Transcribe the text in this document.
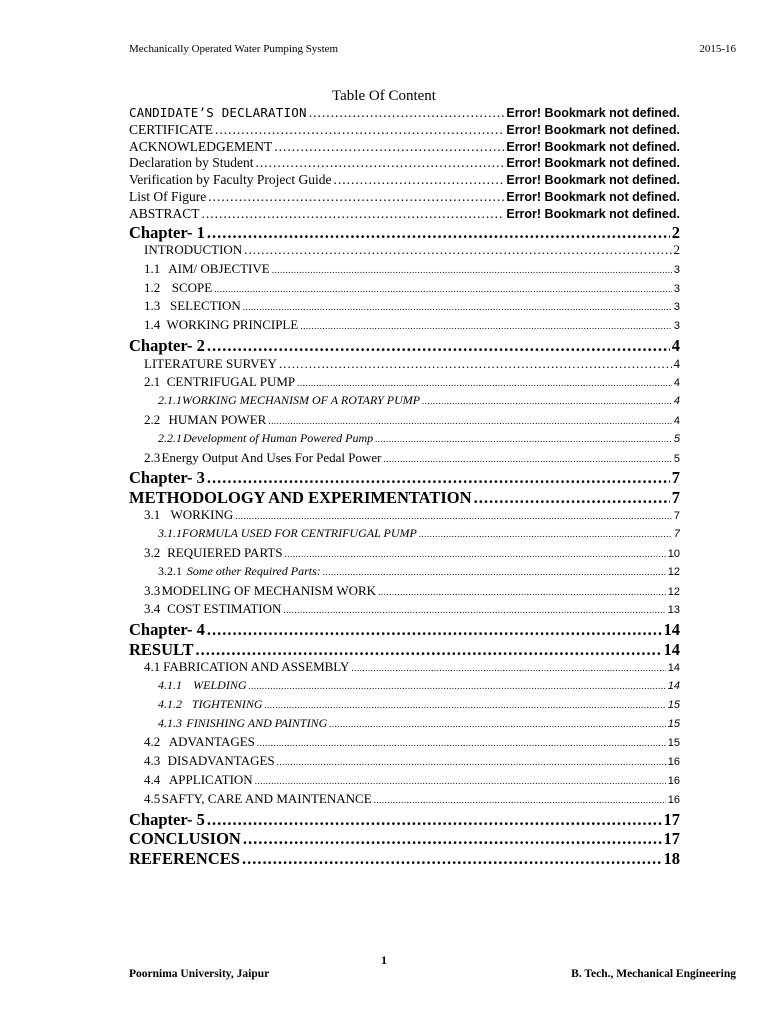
Mechanically Operated Water Pumping System	2015-16
Table Of Content
CANDIDATE’S DECLARATION .....	Error! Bookmark not defined.
CERTIFICATE .....	Error! Bookmark not defined.
ACKNOWLEDGEMENT .....	Error! Bookmark not defined.
Declaration by Student .....	Error! Bookmark not defined.
Verification by Faculty Project Guide .....	Error! Bookmark not defined.
List Of Figure .....	Error! Bookmark not defined.
ABSTRACT .....	Error! Bookmark not defined.
Chapter- 1 .....	2
INTRODUCTION .....	2
1.1 AIM/ OBJECTIVE .....	3
1.2 SCOPE .....	3
1.3 SELECTION .....	3
1.4 WORKING PRINCIPLE .....	3
Chapter- 2 .....	4
LITERATURE SURVEY .....	4
2.1 CENTRIFUGAL PUMP .....	4
2.1.1 WORKING MECHANISM OF A ROTARY PUMP .....	4
2.2 HUMAN POWER .....	4
2.2.1 Development of Human Powered Pump .....	5
2.3 Energy Output And Uses For Pedal Power .....	5
Chapter- 3 .....	7
METHODOLOGY AND EXPERIMENTATION .....	7
3.1 WORKING .....	7
3.1.1 FORMULA USED FOR CENTRIFUGAL PUMP .....	7
3.2 REQUIERED PARTS .....	10
3.2.1 Some other Required Parts: .....	12
3.3 MODELING OF MECHANISM WORK .....	12
3.4 COST ESTIMATION .....	13
Chapter- 4 .....	14
RESULT .....	14
4.1 FABRICATION AND ASSEMBLY .....	14
4.1.1 WELDING .....	14
4.1.2 TIGHTENING .....	15
4.1.3 FINISHING AND PAINTING .....	15
4.2 ADVANTAGES .....	15
4.3 DISADVANTAGES .....	16
4.4 APPLICATION .....	16
4.5 SAFTY, CARE AND MAINTENANCE .....	16
Chapter- 5 .....	17
CONCLUSION .....	17
REFERENCES .....	18
1
Poornima University, Jaipur	B. Tech., Mechanical Engineering
